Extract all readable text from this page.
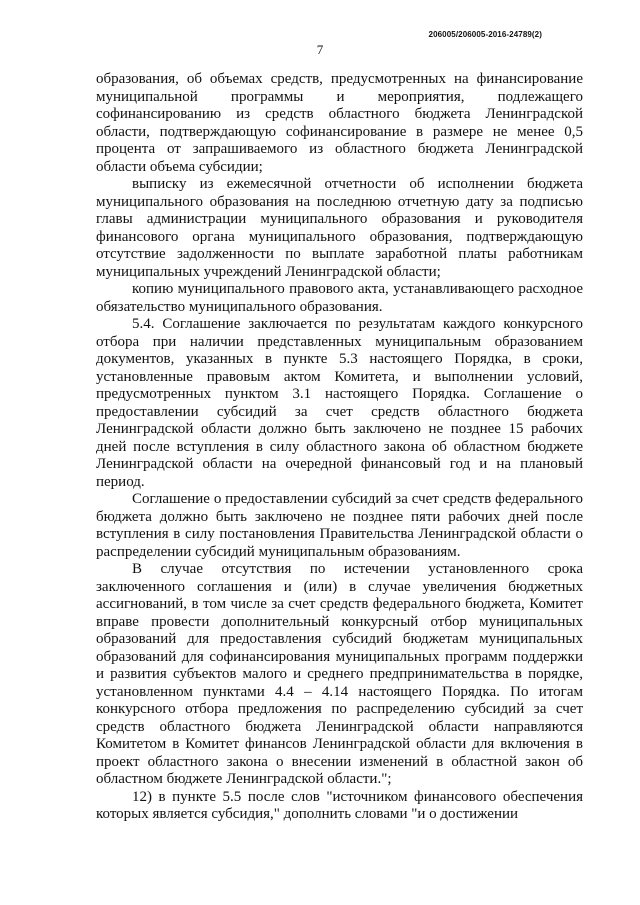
206005/206005-2016-24789(2)
7

образования, об объемах средств, предусмотренных на финансирование муниципальной программы и мероприятия, подлежащего софинансированию из средств областного бюджета Ленинградской области, подтверждающую софинансирование в размере не менее 0,5 процента от запрашиваемого из областного бюджета Ленинградской области объема субсидии;

выписку из ежемесячной отчетности об исполнении бюджета муниципального образования на последнюю отчетную дату за подписью главы администрации муниципального образования и руководителя финансового органа муниципального образования, подтверждающую отсутствие задолженности по выплате заработной платы работникам муниципальных учреждений Ленинградской области;

копию муниципального правового акта, устанавливающего расходное обязательство муниципального образования.

5.4. Соглашение заключается по результатам каждого конкурсного отбора при наличии представленных муниципальным образованием документов, указанных в пункте 5.3 настоящего Порядка, в сроки, установленные правовым актом Комитета, и выполнении условий, предусмотренных пунктом 3.1 настоящего Порядка. Соглашение о предоставлении субсидий за счет средств областного бюджета Ленинградской области должно быть заключено не позднее 15 рабочих дней после вступления в силу областного закона об областном бюджете Ленинградской области на очередной финансовый год и на плановый период.

Соглашение о предоставлении субсидий за счет средств федерального бюджета должно быть заключено не позднее пяти рабочих дней после вступления в силу постановления Правительства Ленинградской области о распределении субсидий муниципальным образованиям.

В случае отсутствия по истечении установленного срока заключенного соглашения и (или) в случае увеличения бюджетных ассигнований, в том числе за счет средств федерального бюджета, Комитет вправе провести дополнительный конкурсный отбор муниципальных образований для предоставления субсидий бюджетам муниципальных образований для софинансирования муниципальных программ поддержки и развития субъектов малого и среднего предпринимательства в порядке, установленном пунктами 4.4 – 4.14 настоящего Порядка. По итогам конкурсного отбора предложения по распределению субсидий за счет средств областного бюджета Ленинградской области направляются Комитетом в Комитет финансов Ленинградской области для включения в проект областного закона о внесении изменений в областной закон об областном бюджете Ленинградской области.";

12) в пункте 5.5 после слов "источником финансового обеспечения которых является субсидия," дополнить словами "и о достижении
